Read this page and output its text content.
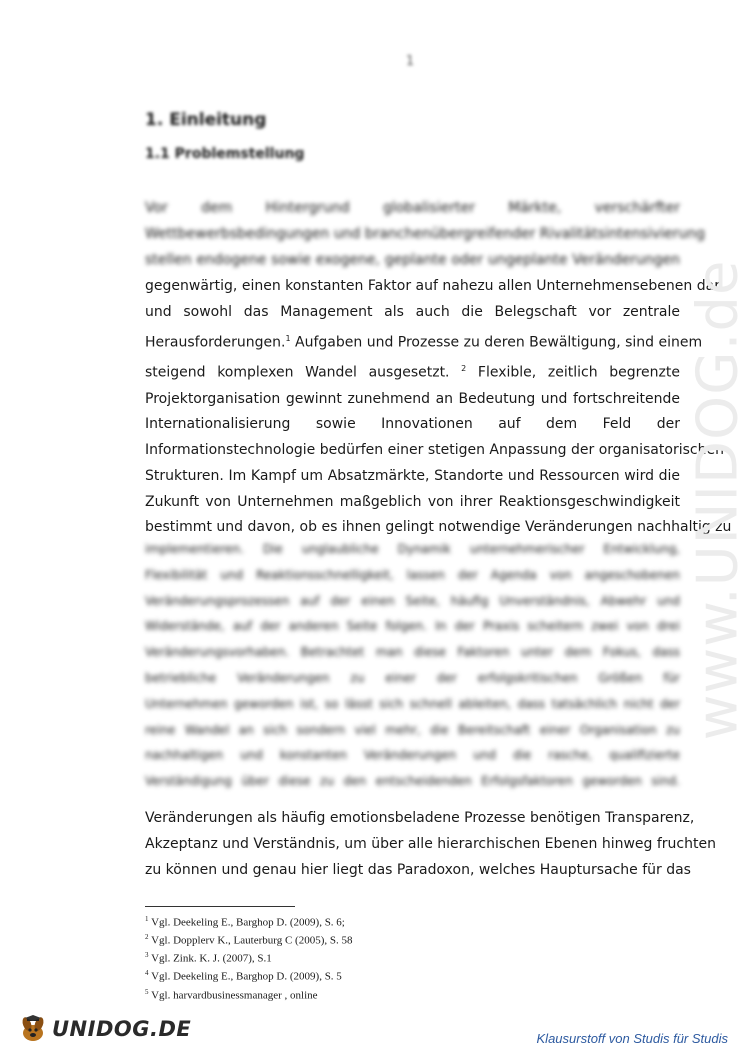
1
1. Einleitung
1.1 Problemstellung
Vor dem Hintergrund globalisierter Märkte, verschärfter
Wettbewerbsbedingungen und branchenübergreifender Rivalitätsintensivierung
stellen endogene sowie exogene, geplante oder ungeplante Veränderungen
gegenwärtig, einen konstanten Faktor auf nahezu allen Unternehmensebenen dar
und sowohl das Management als auch die Belegschaft vor zentrale
Herausforderungen.$^1$ Aufgaben und Prozesse zu deren Bewältigung, sind einem
steigend komplexen Wandel ausgesetzt. $^2$ Flexible, zeitlich begrenzte
Projektorganisation gewinnt zunehmend an Bedeutung und fortschreitende
Internationalisierung sowie Innovationen auf dem Feld der
Informationstechnologie bedürfen einer stetigen Anpassung der organisatorischen
Strukturen. Im Kampf um Absatzmärkte, Standorte und Ressourcen wird die
Zukunft von Unternehmen maßgeblich von ihrer Reaktionsgeschwindigkeit
bestimmt und davon, ob es ihnen gelingt notwendige Veränderungen nachhaltig zu
implementieren. Die unglaubliche Dynamik unternehmerischer Entwicklung,
Flexibilität und Reaktionsschnelligkeit, lassen der Agenda von angeschobenen
Veränderungsprozessen auf der einen Seite, häufig Unverständnis, Abwehr und
Widerstände, auf der anderen Seite folgen. In der Praxis scheitern zwei von drei
Veränderungsvorhaben. Betrachtet man diese Faktoren unter dem Fokus, dass
betriebliche Veränderungen zu einer der erfolgskritischen Größen für
Unternehmen geworden ist, so lässt sich schnell ableiten, dass tatsächlich nicht der
reine Wandel an sich sondern viel mehr, die Bereitschaft einer Organisation zu
nachhaltigen und konstanten Veränderungen und die rasche, qualifizierte
Verständigung über diese zu den entscheidenden Erfolgsfaktoren geworden sind.
Veränderungen als häufig emotionsbeladene Prozesse benötigen Transparenz,
Akzeptanz und Verständnis, um über alle hierarchischen Ebenen hinweg fruchten
zu können und genau hier liegt das Paradoxon, welches Hauptursache für das
$^1$ Vgl. Deekeling E., Barghop D. (2009), S. 6;
$^2$ Vgl. Dopplerv K., Lauterburg C (2005), S. 58
$^3$ Vgl. Zink. K. J. (2007), S.1
$^4$ Vgl. Deekeling E., Barghop D. (2009), S. 5
$^5$ Vgl. harvardbusinessmanager , online
www.UNIDOG.de
UNIDOG.DE	Klausurstoff von Studis für Studis
